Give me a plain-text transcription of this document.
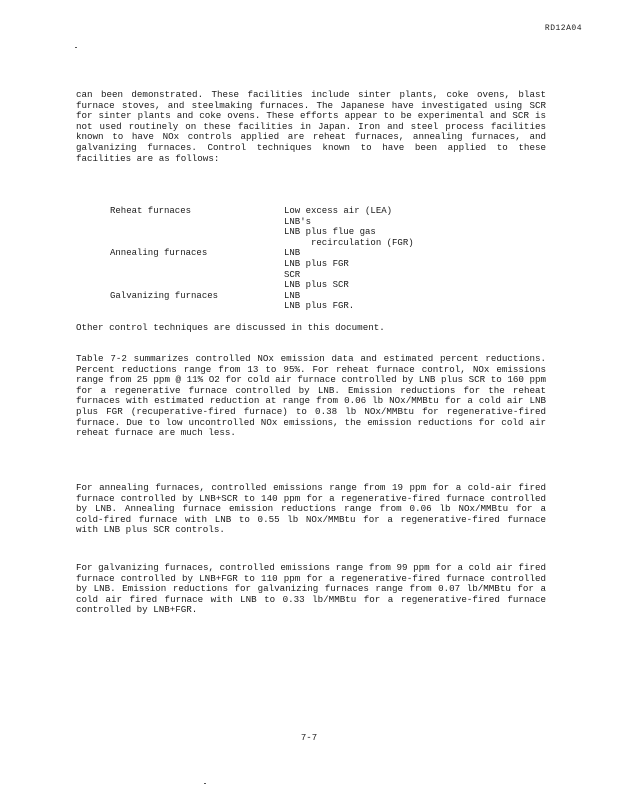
RD12A04
can been demonstrated. These facilities include sinter plants, coke ovens, blast furnace stoves, and steelmaking furnaces. The Japanese have investigated using SCR for sinter plants and coke ovens. These efforts appear to be experimental and SCR is not used routinely on these facilities in Japan. Iron and steel process facilities known to have NOx controls applied are reheat furnaces, annealing furnaces, and galvanizing furnaces. Control techniques known to have been applied to these facilities are as follows:
Reheat furnaces	Low excess air (LEA)
	LNB's
	LNB plus flue gas
	recirculation (FGR)
Annealing furnaces	LNB
	LNB plus FGR
	SCR
	LNB plus SCR
Galvanizing furnaces	LNB
	LNB plus FGR.
Other control techniques are discussed in this document.
Table 7-2 summarizes controlled NOx emission data and estimated percent reductions. Percent reductions range from 13 to 95%. For reheat furnace control, NOx emissions range from 25 ppm @ 11% O2 for cold air furnace controlled by LNB plus SCR to 160 ppm for a regenerative furnace controlled by LNB. Emission reductions for the reheat furnaces with estimated reduction at range from 0.06 lb NOx/MMBtu for a cold air LNB plus FGR (recuperative-fired furnace) to 0.38 lb NOx/MMBtu for regenerative-fired furnace. Due to low uncontrolled NOx emissions, the emission reductions for cold air reheat furnace are much less.
For annealing furnaces, controlled emissions range from 19 ppm for a cold-air fired furnace controlled by LNB+SCR to 140 ppm for a regenerative-fired furnace controlled by LNB. Annealing furnace emission reductions range from 0.06 lb NOx/MMBtu for a cold-fired furnace with LNB to 0.55 lb NOx/MMBtu for a regenerative-fired furnace with LNB plus SCR controls.
For galvanizing furnaces, controlled emissions range from 99 ppm for a cold air fired furnace controlled by LNB+FGR to 110 ppm for a regenerative-fired furnace controlled by LNB. Emission reductions for galvanizing furnaces range from 0.07 lb/MMBtu for a cold air fired furnace with LNB to 0.33 lb/MMBtu for a regenerative-fired furnace controlled by LNB+FGR.
7-7
